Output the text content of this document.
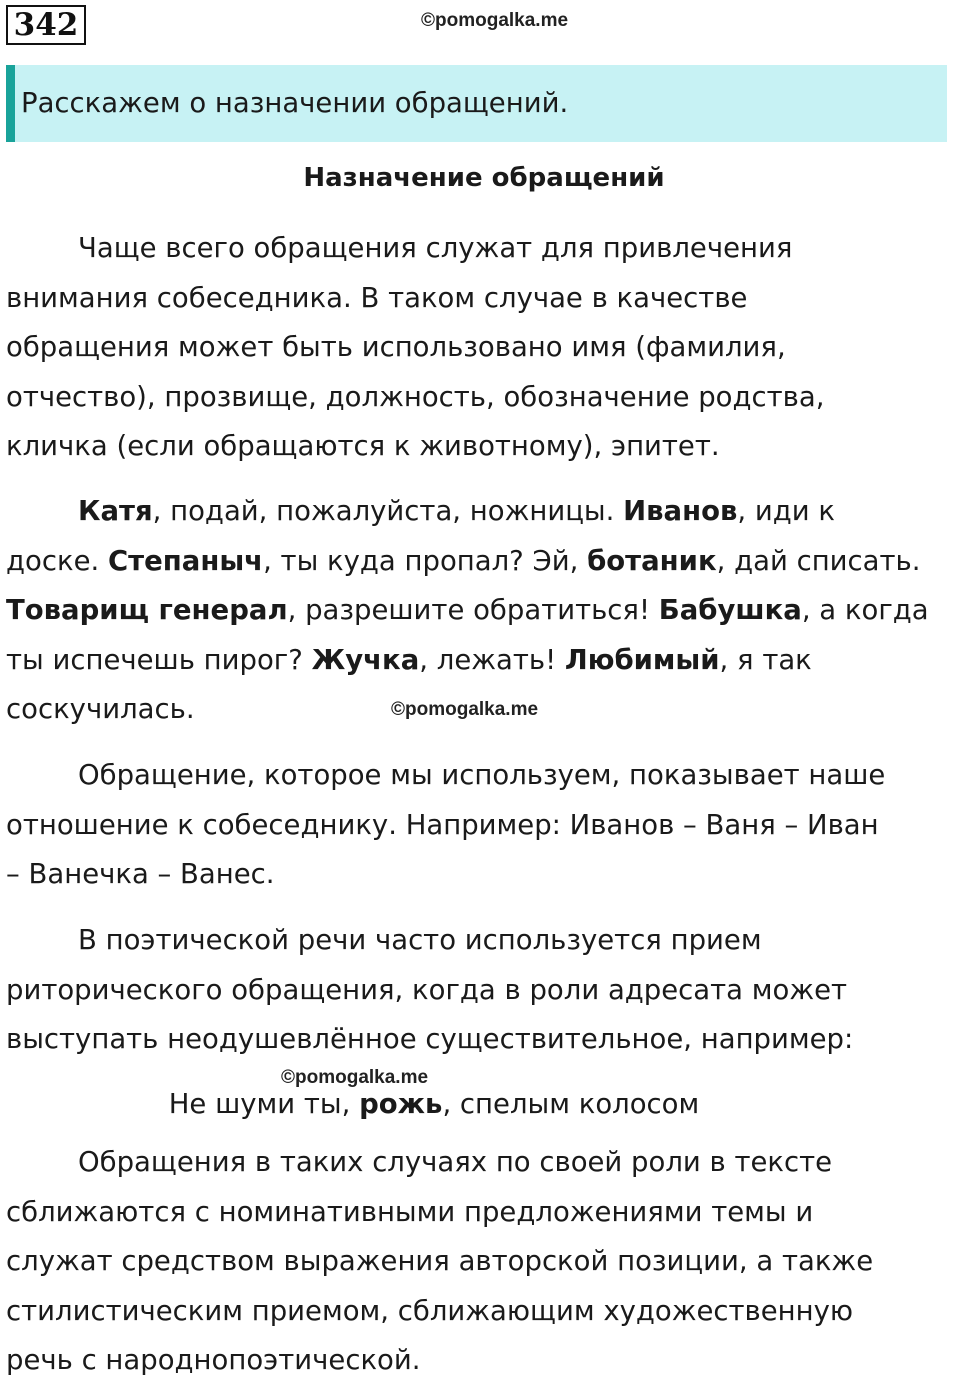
342	©pomogalka.me
Расскажем о назначении обращений.
Назначение обращений

Чаще всего обращения служат для привлечения
внимания собеседника. В таком случае в качестве
обращения может быть использовано имя (фамилия,
отчество), прозвище, должность, обозначение родства,
кличка (если обращаются к животному), эпитет.

Катя, подай, пожалуйста, ножницы. Иванов, иди к
доске. Степаныч, ты куда пропал? Эй, ботаник, дай списать.
Товарищ генерал, разрешите обратиться! Бабушка, а когда
ты испечешь пирог? Жучка, лежать! Любимый, я так
соскучилась.	©pomogalka.me

Обращение, которое мы используем, показывает наше
отношение к собеседнику. Например: Иванов – Ваня – Иван
– Ванечка – Ванес.

В поэтической речи часто используется прием
риторического обращения, когда в роли адресата может
выступать неодушевлённое существительное, например:

©pomogalka.me
Не шуми ты, рожь, спелым колосом

Обращения в таких случаях по своей роли в тексте
сближаются с номинативными предложениями темы и
служат средством выражения авторской позиции, а также
стилистическим приемом, сближающим художественную
речь с народнопоэтической.
